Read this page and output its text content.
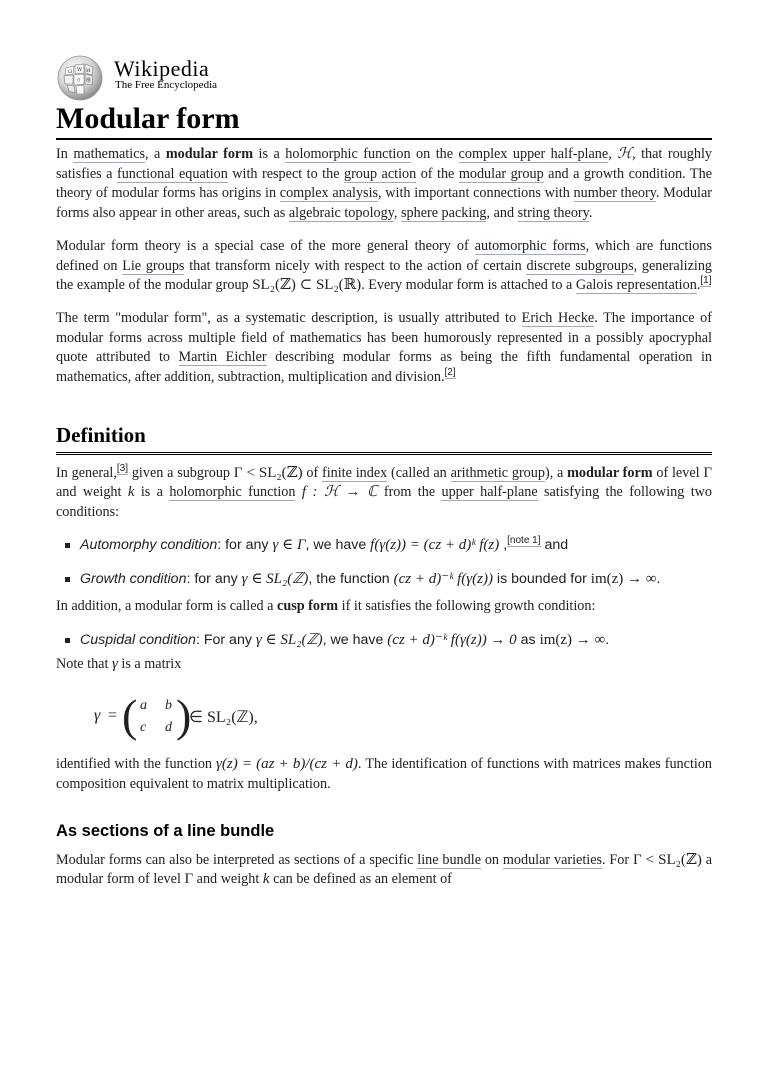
Ω W И
ウ 维 Wikipedia
The Free Encyclopedia
Modular form

In mathematics, a modular form is a holomorphic function on the complex upper half-plane, ℋ, that roughly satisfies a functional equation with respect to the group action of the modular group and a growth condition. The theory of modular forms has origins in complex analysis, with important connections with number theory. Modular forms also appear in other areas, such as algebraic topology, sphere packing, and string theory.

Modular form theory is a special case of the more general theory of automorphic forms, which are functions defined on Lie groups that transform nicely with respect to the action of certain discrete subgroups, generalizing the example of the modular group SL₂(ℤ) ⊂ SL₂(ℝ). Every modular form is attached to a Galois representation.[1]

The term "modular form", as a systematic description, is usually attributed to Erich Hecke. The importance of modular forms across multiple field of mathematics has been humorously represented in a possibly apocryphal quote attributed to Martin Eichler describing modular forms as being the fifth fundamental operation in mathematics, after addition, subtraction, multiplication and division.[2]

Definition

In general,[3] given a subgroup Γ < SL₂(ℤ) of finite index (called an arithmetic group), a modular form of level Γ and weight k is a holomorphic function f : ℋ → ℂ from the upper half-plane satisfying the following two conditions:

Automorphy condition: for any γ ∈ Γ, we have f(γ(z)) = (cz + d)ᵏ f(z) ,[note 1] and
Growth condition: for any γ ∈ SL₂(ℤ), the function (cz + d)⁻ᵏ f(γ(z)) is bounded for im(z) → ∞.

In addition, a modular form is called a cusp form if it satisfies the following growth condition:

Cuspidal condition: For any γ ∈ SL₂(ℤ), we have (cz + d)⁻ᵏ f(γ(z)) → 0 as im(z) → ∞.

Note that γ is a matrix

γ = ( a b
c d )
∈ SL₂(ℤ),

identified with the function γ(z) = (az + b)/(cz + d). The identification of functions with matrices makes function composition equivalent to matrix multiplication.

As sections of a line bundle

Modular forms can also be interpreted as sections of a specific line bundle on modular varieties. For Γ < SL₂(ℤ) a modular form of level Γ and weight k can be defined as an element of
